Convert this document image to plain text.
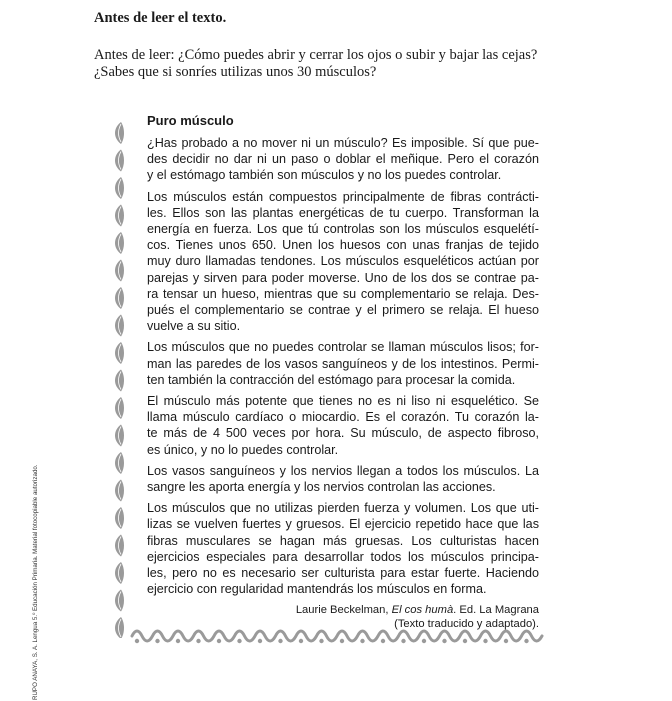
Antes de leer el texto.
Antes de leer: ¿Cómo puedes abrir y cerrar los ojos o subir y bajar las cejas?
¿Sabes que si sonríes utilizas unos 30 músculos?
Puro músculo

¿Has probado a no mover ni un músculo? Es imposible. Sí que pue-
des decidir no dar ni un paso o doblar el meñique. Pero el corazón
y el estómago también son músculos y no los puedes controlar.

Los músculos están compuestos principalmente de fibras contrácti-
les. Ellos son las plantas energéticas de tu cuerpo. Transforman la
energía en fuerza. Los que tú controlas son los músculos esquelétí-
cos. Tienes unos 650. Unen los huesos con unas franjas de tejido
muy duro llamadas tendones. Los músculos esqueléticos actúan por
parejas y sirven para poder moverse. Uno de los dos se contrae pa-
ra tensar un hueso, mientras que su complementario se relaja. Des-
pués el complementario se contrae y el primero se relaja. El hueso
vuelve a su sitio.

Los músculos que no puedes controlar se llaman músculos lisos; for-
man las paredes de los vasos sanguíneos y de los intestinos. Permi-
ten también la contracción del estómago para procesar la comida.

El músculo más potente que tienes no es ni liso ni esquelético. Se
llama músculo cardíaco o miocardio. Es el corazón. Tu corazón la-
te más de 4 500 veces por hora. Su músculo, de aspecto fibroso,
es único, y no lo puedes controlar.

Los vasos sanguíneos y los nervios llegan a todos los músculos. La
sangre les aporta energía y los nervios controlan las acciones.

Los músculos que no utilizas pierden fuerza y volumen. Los que uti-
lizas se vuelven fuertes y gruesos. El ejercicio repetido hace que las
fibras musculares se hagan más gruesas. Los culturistas hacen
ejercicios especiales para desarrollar todos los músculos principa-
les, pero no es necesario ser culturista para estar fuerte. Haciendo
ejercicio con regularidad mantendrás los músculos en forma.

Laurie Beckelman, El cos humà. Ed. La Magrana
(Texto traducido y adaptado).
RUPO ANAYA, S. A. Lengua 5.º Educación Primaria. Material fotocopiable autorizado.
